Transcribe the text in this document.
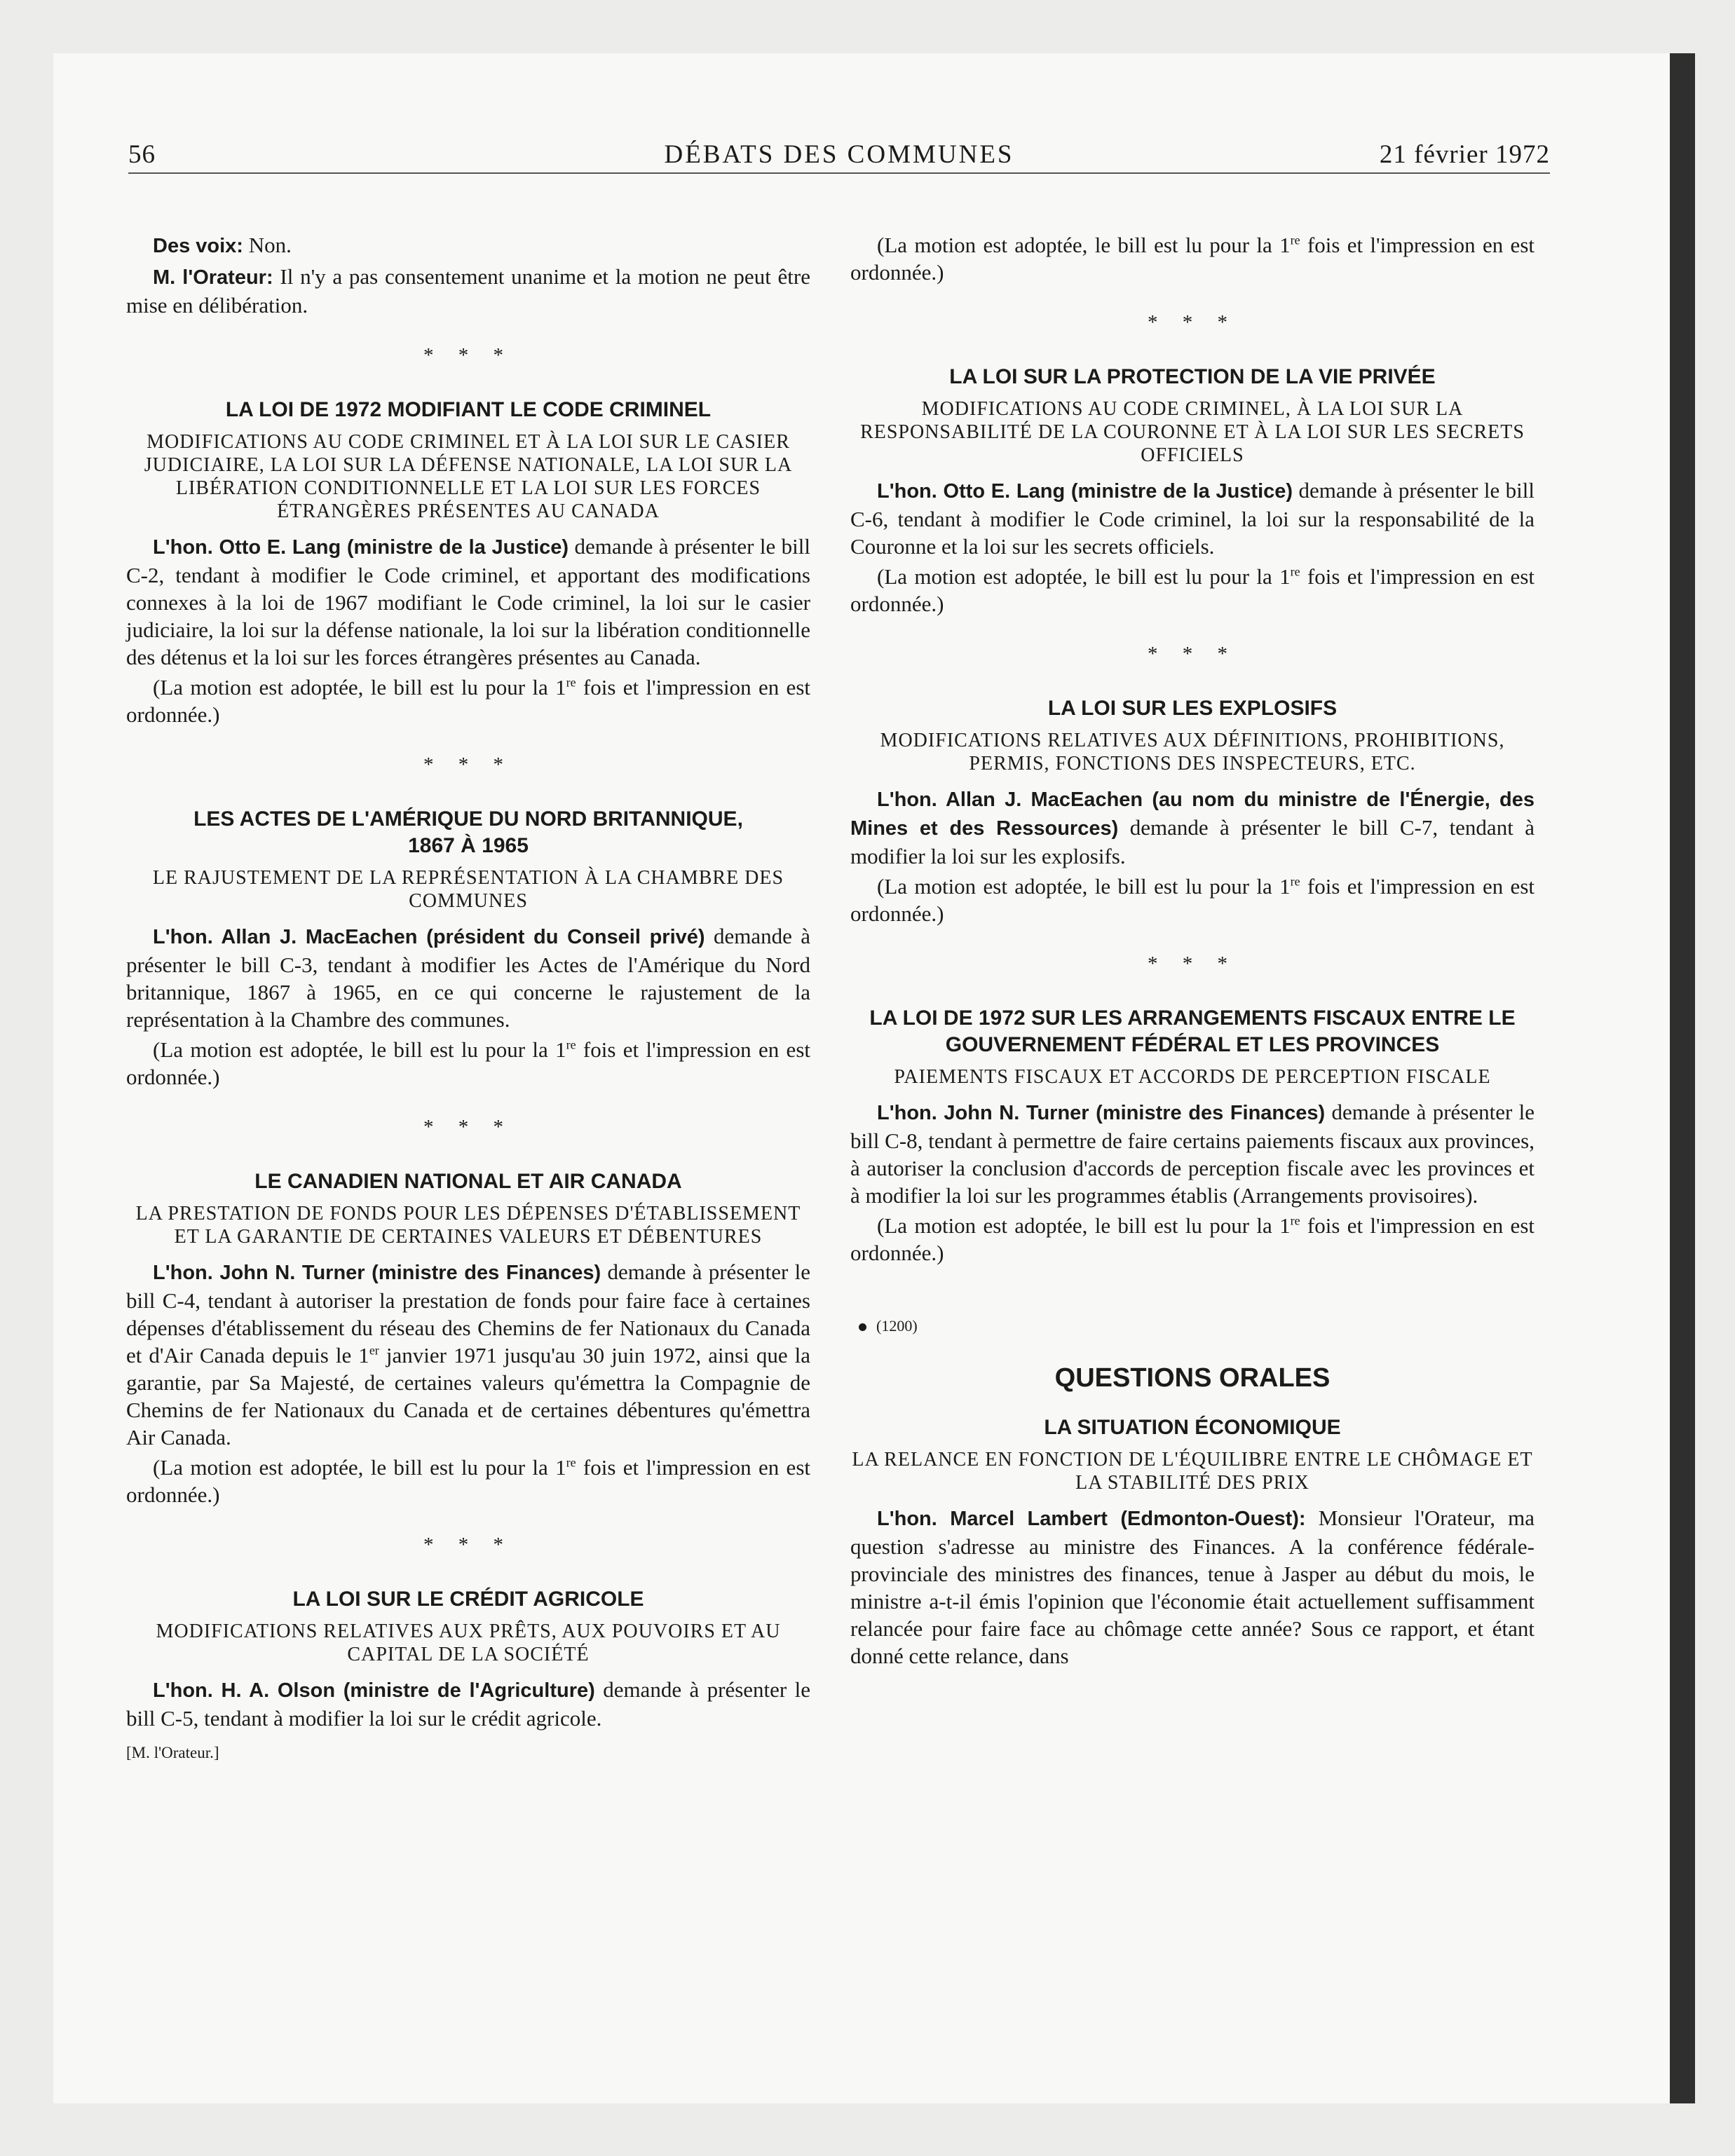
56	DÉBATS DES COMMUNES	21 février 1972

Des voix: Non.

M. l'Orateur: Il n'y a pas consentement unanime et la motion ne peut être mise en délibération.

* * *
LA LOI DE 1972 MODIFIANT LE CODE CRIMINEL
MODIFICATIONS AU CODE CRIMINEL ET À LA LOI SUR LE CASIER JUDICIAIRE, LA LOI SUR LA DÉFENSE NATIONALE, LA LOI SUR LA LIBÉRATION CONDITIONNELLE ET LA LOI SUR LES FORCES ÉTRANGÈRES PRÉSENTES AU CANADA

L'hon. Otto E. Lang (ministre de la Justice) demande à présenter le bill C-2, tendant à modifier le Code criminel, et apportant des modifications connexes à la loi de 1967 modifiant le Code criminel, la loi sur le casier judiciaire, la loi sur la défense nationale, la loi sur la libération conditionnelle des détenus et la loi sur les forces étrangères présentes au Canada.

(La motion est adoptée, le bill est lu pour la 1re fois et l'impression en est ordonnée.)

* * *
LES ACTES DE L'AMÉRIQUE DU NORD BRITANNIQUE,
1867 À 1965
LE RAJUSTEMENT DE LA REPRÉSENTATION À LA CHAMBRE DES COMMUNES

L'hon. Allan J. MacEachen (président du Conseil privé) demande à présenter le bill C-3, tendant à modifier les Actes de l'Amérique du Nord britannique, 1867 à 1965, en ce qui concerne le rajustement de la représentation à la Chambre des communes.

(La motion est adoptée, le bill est lu pour la 1re fois et l'impression en est ordonnée.)

* * *
LE CANADIEN NATIONAL ET AIR CANADA
LA PRESTATION DE FONDS POUR LES DÉPENSES D'ÉTABLISSEMENT ET LA GARANTIE DE CERTAINES VALEURS ET DÉBENTURES

L'hon. John N. Turner (ministre des Finances) demande à présenter le bill C-4, tendant à autoriser la prestation de fonds pour faire face à certaines dépenses d'établissement du réseau des Chemins de fer Nationaux du Canada et d'Air Canada depuis le 1er janvier 1971 jusqu'au 30 juin 1972, ainsi que la garantie, par Sa Majesté, de certaines valeurs qu'émettra la Compagnie de Chemins de fer Nationaux du Canada et de certaines débentures qu'émettra Air Canada.

(La motion est adoptée, le bill est lu pour la 1re fois et l'impression en est ordonnée.)

* * *
LA LOI SUR LE CRÉDIT AGRICOLE
MODIFICATIONS RELATIVES AUX PRÊTS, AUX POUVOIRS ET AU CAPITAL DE LA SOCIÉTÉ

L'hon. H. A. Olson (ministre de l'Agriculture) demande à présenter le bill C-5, tendant à modifier la loi sur le crédit agricole.

[M. l'Orateur.]

(La motion est adoptée, le bill est lu pour la 1re fois et l'impression en est ordonnée.)

* * *
LA LOI SUR LA PROTECTION DE LA VIE PRIVÉE
MODIFICATIONS AU CODE CRIMINEL, À LA LOI SUR LA RESPONSABILITÉ DE LA COURONNE ET À LA LOI SUR LES SECRETS OFFICIELS

L'hon. Otto E. Lang (ministre de la Justice) demande à présenter le bill C-6, tendant à modifier le Code criminel, la loi sur la responsabilité de la Couronne et la loi sur les secrets officiels.

(La motion est adoptée, le bill est lu pour la 1re fois et l'impression en est ordonnée.)

* * *
LA LOI SUR LES EXPLOSIFS
MODIFICATIONS RELATIVES AUX DÉFINITIONS, PROHIBITIONS, PERMIS, FONCTIONS DES INSPECTEURS, ETC.

L'hon. Allan J. MacEachen (au nom du ministre de l'Énergie, des Mines et des Ressources) demande à présenter le bill C-7, tendant à modifier la loi sur les explosifs.

(La motion est adoptée, le bill est lu pour la 1re fois et l'impression en est ordonnée.)

* * *
LA LOI DE 1972 SUR LES ARRANGEMENTS FISCAUX ENTRE LE GOUVERNEMENT FÉDÉRAL ET LES PROVINCES
PAIEMENTS FISCAUX ET ACCORDS DE PERCEPTION FISCALE

L'hon. John N. Turner (ministre des Finances) demande à présenter le bill C-8, tendant à permettre de faire certains paiements fiscaux aux provinces, à autoriser la conclusion d'accords de perception fiscale avec les provinces et à modifier la loi sur les programmes établis (Arrangements provisoires).

(La motion est adoptée, le bill est lu pour la 1re fois et l'impression en est ordonnée.)

(1200)
QUESTIONS ORALES
LA SITUATION ÉCONOMIQUE
LA RELANCE EN FONCTION DE L'ÉQUILIBRE ENTRE LE CHÔMAGE ET LA STABILITÉ DES PRIX

L'hon. Marcel Lambert (Edmonton-Ouest): Monsieur l'Orateur, ma question s'adresse au ministre des Finances. A la conférence fédérale-provinciale des ministres des finances, tenue à Jasper au début du mois, le ministre a-t-il émis l'opinion que l'économie était actuellement suffisamment relancée pour faire face au chômage cette année? Sous ce rapport, et étant donné cette relance, dans
